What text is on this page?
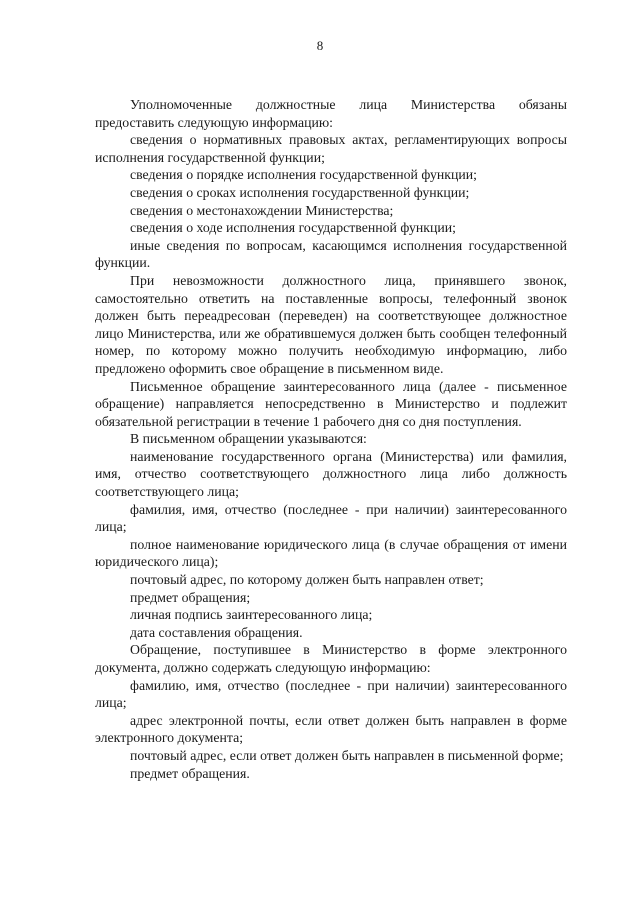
8

Уполномоченные должностные лица Министерства обязаны предоставить следующую информацию:

сведения о нормативных правовых актах, регламентирующих вопросы исполнения государственной функции;

сведения о порядке исполнения государственной функции;

сведения о сроках исполнения государственной функции;

сведения о местонахождении Министерства;

сведения о ходе исполнения государственной функции;

иные сведения по вопросам, касающимся исполнения государственной функции.

При невозможности должностного лица, принявшего звонок, самостоятельно ответить на поставленные вопросы, телефонный звонок должен быть переадресован (переведен) на соответствующее должностное лицо Министерства, или же обратившемуся должен быть сообщен телефонный номер, по которому можно получить необходимую информацию, либо предложено оформить свое обращение в письменном виде.

Письменное обращение заинтересованного лица (далее - письменное обращение) направляется непосредственно в Министерство и подлежит обязательной регистрации в течение 1 рабочего дня со дня поступления.

В письменном обращении указываются:

наименование государственного органа (Министерства) или фамилия, имя, отчество соответствующего должностного лица либо должность соответствующего лица;

фамилия, имя, отчество (последнее - при наличии) заинтересованного лица;

полное наименование юридического лица (в случае обращения от имени юридического лица);

почтовый адрес, по которому должен быть направлен ответ;

предмет обращения;

личная подпись заинтересованного лица;

дата составления обращения.

Обращение, поступившее в Министерство в форме электронного документа, должно содержать следующую информацию:

фамилию, имя, отчество (последнее - при наличии) заинтересованного лица;

адрес электронной почты, если ответ должен быть направлен в форме электронного документа;

почтовый адрес, если ответ должен быть направлен в письменной форме;

предмет обращения.
